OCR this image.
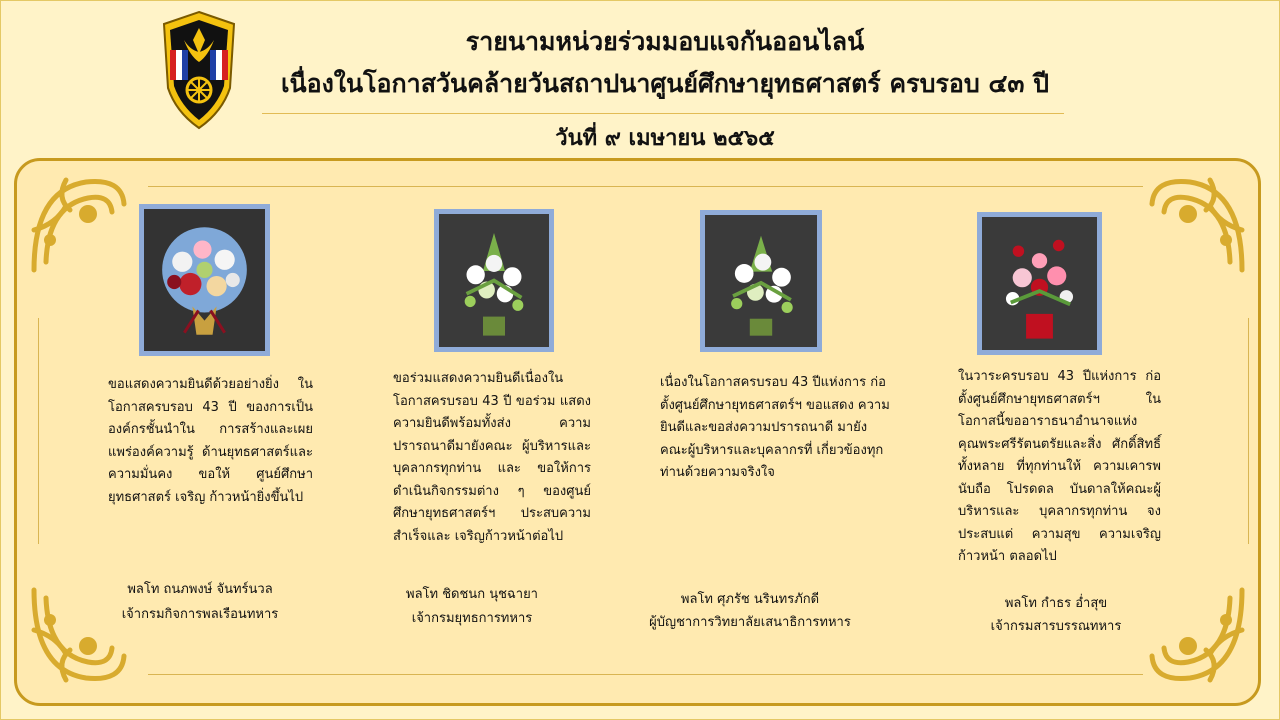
รายนามหน่วยร่วมมอบแจกันออนไลน์
เนื่องในโอกาสวันคล้ายวันสถาปนาศูนย์ศึกษายุทธศาสตร์ ครบรอบ ๔๓ ปี
วันที่ ๙ เมษายน ๒๕๖๕
ขอแสดงความยินดีด้วยอย่างยิ่ง ในโอกาสครบรอบ 43 ปี ของการเป็นองค์กรชั้นนำใน การสร้างและเผยแพร่องค์ความรู้ ด้านยุทธศาสตร์และความมั่นคง ขอให้ ศูนย์ศึกษายุทธศาสตร์ เจริญ ก้าวหน้ายิ่งขึ้นไป
พลโท ถนภพงษ์ จันทร์นวล
เจ้ากรมกิจการพลเรือนทหาร
ขอร่วมแสดงความยินดีเนื่องใน โอกาสครบรอบ 43 ปี ขอร่วม แสดงความยินดีพร้อมทั้งส่ง ความปรารถนาดีมายังคณะ ผู้บริหารและบุคลากรทุกท่าน และ ขอให้การดำเนินกิจกรรมต่าง ๆ ของศูนย์ศึกษายุทธศาสตร์ฯ ประสบความสำเร็จและ เจริญก้าวหน้าต่อไป
พลโท ชิดชนก นุชฉายา
เจ้ากรมยุทธการทหาร
เนื่องในโอกาสครบรอบ 43 ปีแห่งการ ก่อตั้งศูนย์ศึกษายุทธศาสตร์ฯ ขอแสดง ความยินดีและขอส่งความปรารถนาดี มายัง คณะผู้บริหารและบุคลากรที่ เกี่ยวข้องทุกท่านด้วยความจริงใจ
พลโท ศุภรัช นรินทรภักดี
ผู้บัญชาการวิทยาลัยเสนาธิการทหาร
ในวาระครบรอบ 43 ปีแห่งการ ก่อตั้งศูนย์ศึกษายุทธศาสตร์ฯ ใน โอกาสนี้ขออาราธนาอำนาจแห่ง คุณพระศรีรัตนตรัยและสิ่ง ศักดิ์สิทธิ์ทั้งหลาย ที่ทุกท่านให้ ความเคารพนับถือ โปรดดล บันดาลให้คณะผู้บริหารและ บุคลากรทุกท่าน จงประสบแต่ ความสุข ความเจริญก้าวหน้า ตลอดไป
พลโท กำธร อ่ำสุข
เจ้ากรมสารบรรณทหาร
